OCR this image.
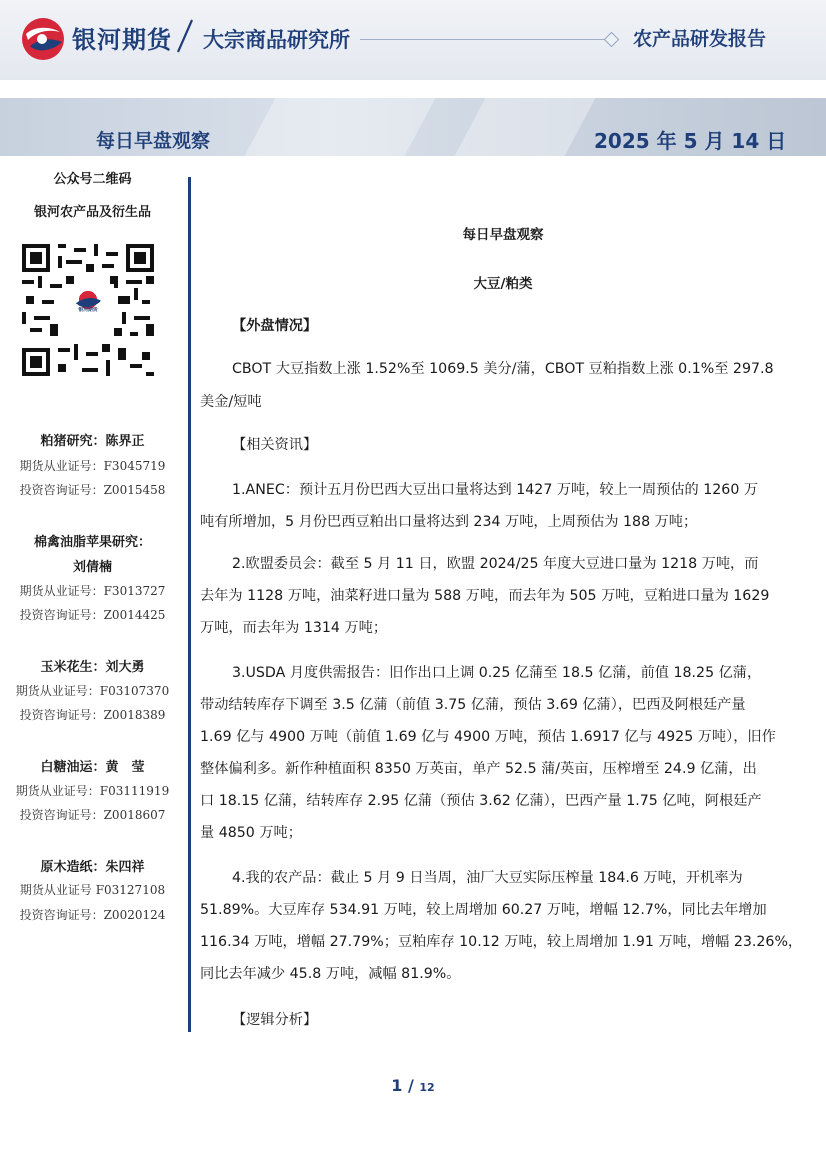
银河期货 大宗商品研究所	农产品研发报告
每日早盘观察	2025 年 5 月 14 日
公众号二维码
银河农产品及衍生品
银河期货
粕猪研究：陈界正
期货从业证号：F3045719
投资咨询证号：Z0015458
棉禽油脂苹果研究：
刘倩楠
期货从业证号：F3013727
投资咨询证号：Z0014425
玉米花生：刘大勇
期货从业证号：F03107370
投资咨询证号：Z0018389
白糖油运：黄　莹
期货从业证号：F03111919
投资咨询证号：Z0018607
原木造纸：朱四祥
期货从业证号 F03127108
投资咨询证号：Z0020124
每日早盘观察
大豆/粕类
【外盘情况】
CBOT 大豆指数上涨 1.52%至 1069.5 美分/蒲，CBOT 豆粕指数上涨 0.1%至 297.8
美金/短吨
【相关资讯】
1.ANEC：预计五月份巴西大豆出口量将达到 1427 万吨，较上一周预估的 1260 万
吨有所增加，5 月份巴西豆粕出口量将达到 234 万吨，上周预估为 188 万吨；
2.欧盟委员会：截至 5 月 11 日，欧盟 2024/25 年度大豆进口量为 1218 万吨，而
去年为 1128 万吨，油菜籽进口量为 588 万吨，而去年为 505 万吨，豆粕进口量为 1629
万吨，而去年为 1314 万吨；
3.USDA 月度供需报告：旧作出口上调 0.25 亿蒲至 18.5 亿蒲，前值 18.25 亿蒲，
带动结转库存下调至 3.5 亿蒲（前值 3.75 亿蒲，预估 3.69 亿蒲），巴西及阿根廷产量
1.69 亿与 4900 万吨（前值 1.69 亿与 4900 万吨，预估 1.6917 亿与 4925 万吨），旧作
整体偏利多。新作种植面积 8350 万英亩，单产 52.5 蒲/英亩，压榨增至 24.9 亿蒲，出
口 18.15 亿蒲，结转库存 2.95 亿蒲（预估 3.62 亿蒲），巴西产量 1.75 亿吨，阿根廷产
量 4850 万吨；
4.我的农产品：截止 5 月 9 日当周，油厂大豆实际压榨量 184.6 万吨，开机率为
51.89%。大豆库存 534.91 万吨，较上周增加 60.27 万吨，增幅 12.7%，同比去年增加
116.34 万吨，增幅 27.79%；豆粕库存 10.12 万吨，较上周增加 1.91 万吨，增幅 23.26%，
同比去年减少 45.8 万吨，减幅 81.9%。
【逻辑分析】
1 / 12
